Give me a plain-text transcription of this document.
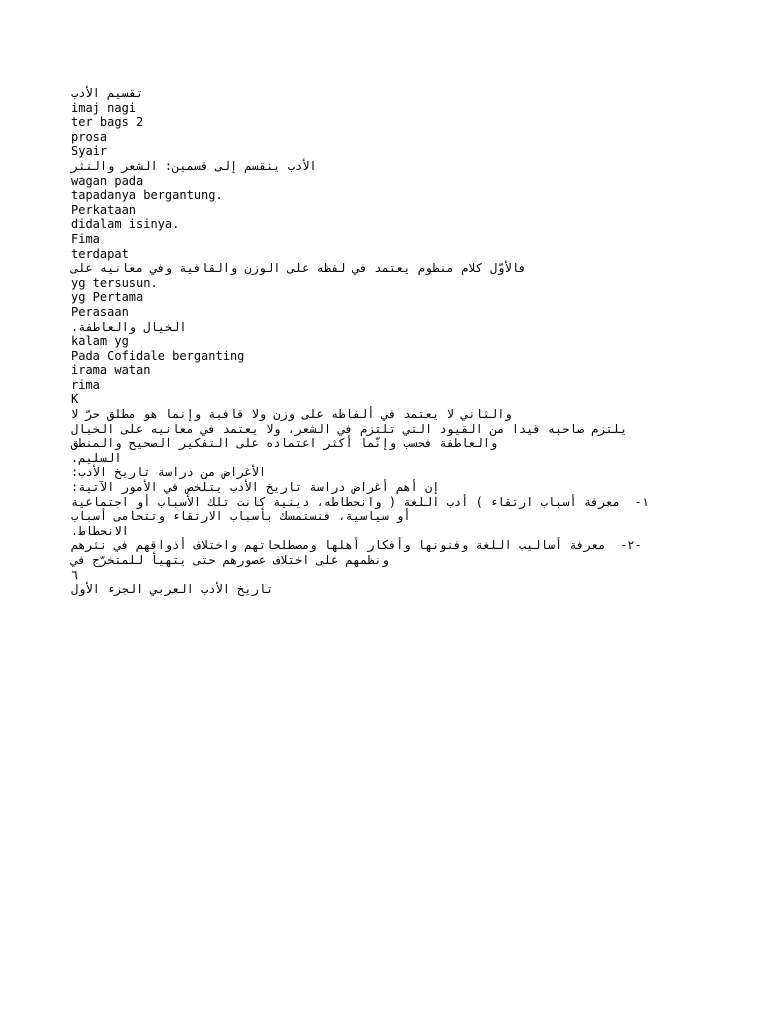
تقسيم الأدب
imaj nagi
ter bags 2
prosa
Syair
الأدب ينقسم إلى قسمين: الشعر والنثر
wagan pada
tapadanya bergantung.
Perkataan
didalam isinya.
Fima
terdapat
فالأوّل كلام منظوم يعتمد في لفظه على الوزن والقافية وفي معانيه على
yg tersusun.
yg Pertama
Perasaan
الخيال والعاطفة.
kalam yg
Pada Cofidale berganting
irama watan
rima
K
والثاني لا يعتمد في ألفاظه على وزن ولا قافية وإنما هو مطلق حرّ لا
يلتزم صاحبه قيدا من القيود التي تلتزم في الشعر، ولا يعتمد في معانيه على الخيال
والعاطفة فحسب وإنّما أكثر اعتماده على التفكير الصحيح والمنطق
السليم.
الأغراض من دراسة تاريخ الأدب:
إن أهم أغراض دراسة تاريخ الأدب يتلخص في الأمور الآتية:
١-  معرفة أسباب ارتقاء ) أدب اللغة ( وانحطاطه، دينية كانت تلك الأسباب أو اجتماعية
أو سياسية، فنستمسك بأسباب الارتقاء وتتحامى أسباب
الانحطاط.
-٢-  معرفة أساليب اللغة وفنونها وأفكار أهلها ومصطلحاتهم واختلاف أذواقهم في نثرهم
ونظمهم على اختلاف عصورهم حتى يتهيأ للمتخرّج في
٦
تاريخ الأدب العربي الجزء الأول
